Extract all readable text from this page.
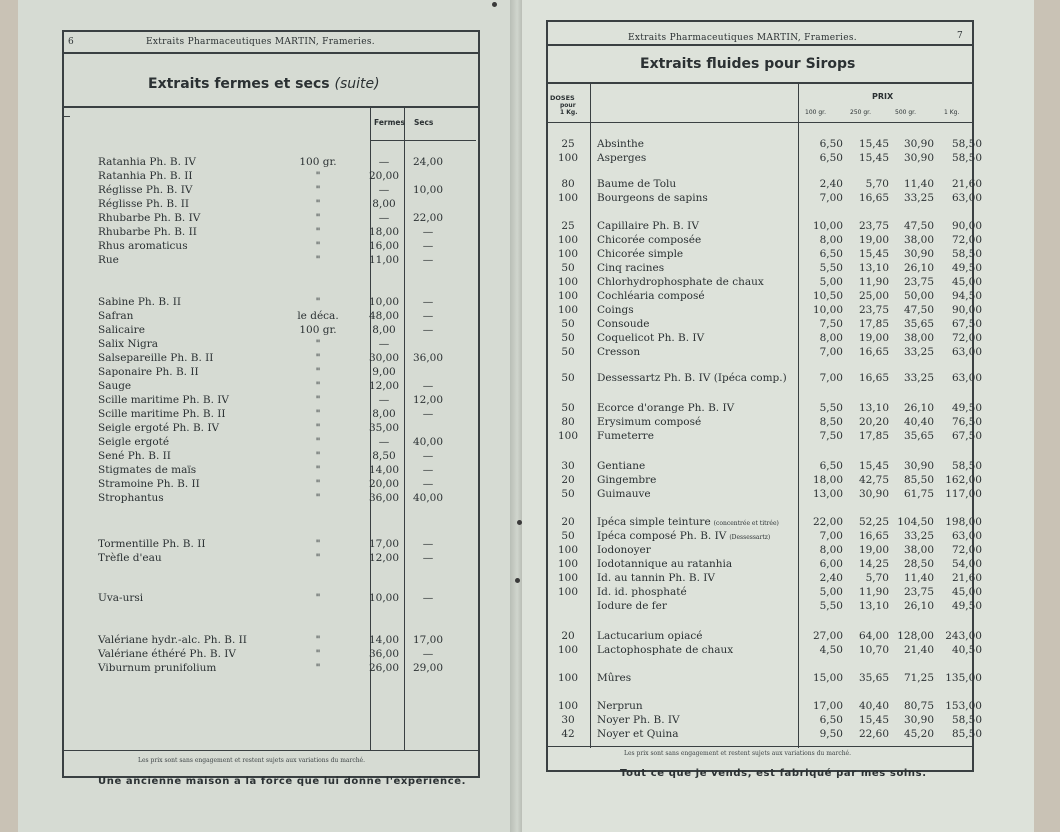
6	Extraits Pharmaceutiques MARTIN, Frameries.
Extraits fermes et secs (suite)
Fermes Secs
Ratanhia Ph. B. IV	100 gr.	—	24,00
Ratanhia Ph. B. II	"	20,00
Réglisse Ph. B. IV	"	—	10,00
Réglisse Ph. B. II	"	8,00
Rhubarbe Ph. B. IV	"	—	22,00
Rhubarbe Ph. B. II	"	18,00	—
Rhus aromaticus	"	16,00	—
Rue	"	11,00	—
Sabine Ph. B. II	"	10,00	—
Safran	le déca.	48,00	—
Salicaire	100 gr.	8,00	—
Salix Nigra	"	—
Salsepareille Ph. B. II	"	30,00	36,00
Saponaire Ph. B. II	"	9,00
Sauge	"	12,00	—
Scille maritime Ph. B. IV	"	—	12,00
Scille maritime Ph. B. II	"	8,00	—
Seigle ergoté Ph. B. IV	"	35,00
Seigle ergoté	"	—	40,00
Sené Ph. B. II	"	8,50	—
Stigmates de maïs	"	14,00	—
Stramoine Ph. B. II	"	20,00	—
Strophantus	"	36,00	40,00
Tormentille Ph. B. II	"	17,00	—
Trèfle d'eau	"	12,00	—
Uva-ursi	"	10,00	—
Valériane hydr.-alc. Ph. B. II	"	14,00	17,00
Valériane éthéré Ph. B. IV	"	36,00	—
Viburnum prunifolium	"	26,00	29,00
Les prix sont sans engagement et restent sujets aux variations du marché.
Une ancienne maison a la force que lui donne l'expérience.
Extraits Pharmaceutiques MARTIN, Frameries.	7
Extraits fluides pour Sirops
DOSES
pour
1 Kg.
PRIX
100 gr.	250 gr.	500 gr.	1 Kg.
25	Absinthe	6,50 15,45 30,90 58,50
100	Asperges	6,50 15,45 30,90 58,50
80	Baume de Tolu	2,40 5,70 11,40 21,60
100	Bourgeons de sapins	7,00 16,65 33,25 63,00
25	Capillaire Ph. B. IV	10,00 23,75 47,50 90,00
100	Chicorée composée	8,00 19,00 38,00 72,00
100	Chicorée simple	6,50 15,45 30,90 58,50
50	Cinq racines	5,50 13,10 26,10 49,50
100	Chlorhydrophosphate de chaux	5,00 11,90 23,75 45,00
100	Cochléaria composé	10,50 25,00 50,00 94,50
100	Coings	10,00 23,75 47,50 90,00
50	Consoude	7,50 17,85 35,65 67,50
50	Coquelicot Ph. B. IV	8,00 19,00 38,00 72,00
50	Cresson	7,00 16,65 33,25 63,00
50	Dessessartz Ph. B. IV (Ipéca comp.)	7,00 16,65 33,25 63,00
50	Ecorce d'orange Ph. B. IV	5,50 13,10 26,10 49,50
80	Erysimum composé	8,50 20,20 40,40 76,50
100	Fumeterre	7,50 17,85 35,65 67,50
30	Gentiane	6,50 15,45 30,90 58,50
20	Gingembre	18,00 42,75 85,50 162,00
50	Guimauve	13,00 30,90 61,75 117,00
20	Ipéca simple teinture (concentrée et titrée)	22,00 52,25 104,50 198,00
50	Ipéca composé Ph. B. IV (Dessessartz)	7,00 16,65 33,25 63,00
100	Iodonoyer	8,00 19,00 38,00 72,00
100	Iodotannique au ratanhia	6,00 14,25 28,50 54,00
100	Id. au tannin Ph. B. IV	2,40 5,70 11,40 21,60
100	Id. id. phosphaté	5,00 11,90 23,75 45,00
Iodure de fer	5,50 13,10 26,10 49,50
20	Lactucarium opiacé	27,00 64,00 128,00 243,00
100	Lactophosphate de chaux	4,50 10,70 21,40 40,50
100	Mûres	15,00 35,65 71,25 135,00
100	Nerprun	17,00 40,40 80,75 153,00
30	Noyer Ph. B. IV	6,50 15,45 30,90 58,50
42	Noyer et Quina	9,50 22,60 45,20 85,50
Les prix sont sans engagement et restent sujets aux variations du marché.
Tout ce que je vends, est fabriqué par mes soins.
